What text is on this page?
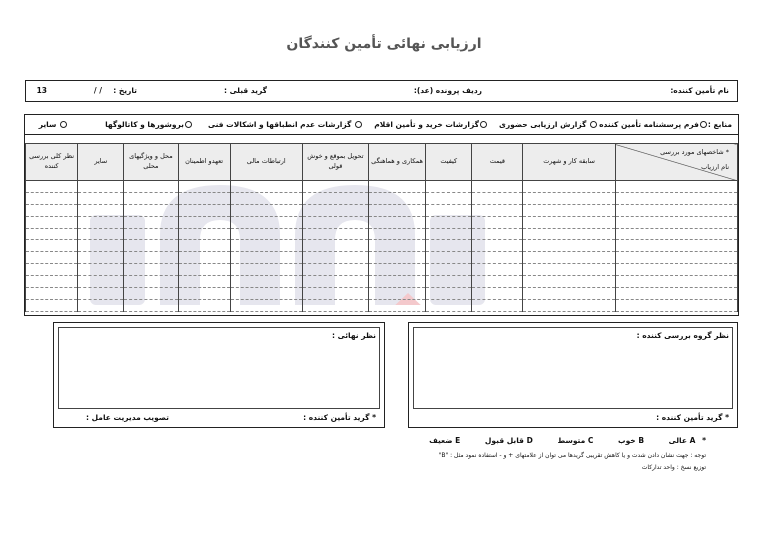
ارزیابی نهائی تأمین کنندگان
نام تأمین کننده:
ردیف پرونده (عد):
گرید قبلی :
تاریخ :
/ /
13
منابع :فرم پرسشنامه تأمین کننده
گزارش ارزیابی حضوری
گزارشات خرید و تأمین اقلام
گزارشات عدم انطباقها و اشکالات فنی
بروشورها و کاتالوگها
سایر
* شاخصهای مورد بررسی
نام ارزیاب	سابقه کار و شهرت	قیمت	کیفیت	همکاری و هماهنگی	تحویل بموقع و خوش قولی	ارتباطات مالی	تعهدو اطمینان	محل و ویژگیهای محلی	سایر	نظر کلی بررسی کننده

نظر گروه بررسی کننده :
* گرید تأمین کننده :
نظر نهائی :
* گرید تأمین کننده :
تصویب مدیریت عامل :
* A عالی B خوب C متوسط D قابل قبول E ضعیف
توجه : جهت نشان دادن شدت و یا کاهش تقریبی گریدها می توان از علامتهای + و - استفاده نمود مثل : "B"
توزیع نسخ : واحد تدارکات
